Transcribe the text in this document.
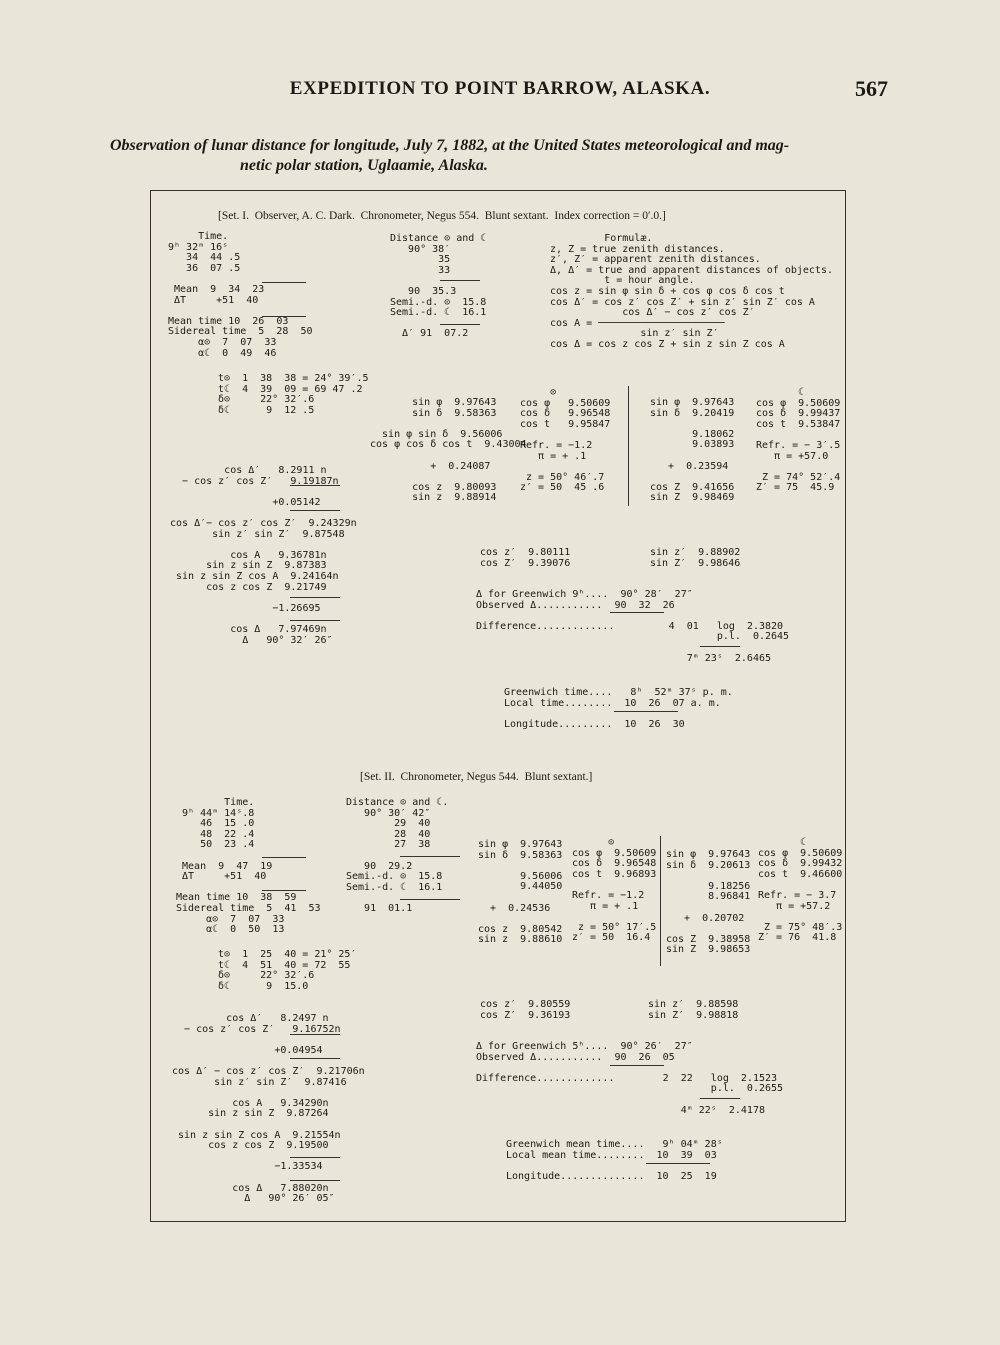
EXPEDITION TO POINT BARROW, ALASKA.	567
Observation of lunar distance for longitude, July 7, 1882, at the United States meteorological and mag-
netic polar station, Uglaamie, Alaska.
[Set. I.  Observer, A. C. Dark.  Chronometer, Negus 554.  Blunt sextant.  Index correction = 0′.0.]
Time.
9ʰ 32ᵐ 16ˢ
34  44 .5
36  07 .5

Mean  9  34  23
ΔT     +51  40

Mean time 10  26  03
Sidereal time  5  28  50
α⊙  7  07  33
α☾  0  49  46
Distance ⊙ and ☾
90° 38′
35
33

90  35.3
Semi.-d. ⊙  15.8
Semi.-d. ☾  16.1

Δ′ 91  07.2
Formulæ.
z, Z = true zenith distances.
z′, Z′ = apparent zenith distances.
Δ, Δ′ = true and apparent distances of objects.
t = hour angle.
cos z = sin φ sin δ + cos φ cos δ cos t
cos Δ′ = cos z′ cos Z′ + sin z′ sin Z′ cos A
cos Δ′ − cos z′ cos Z′
cos A = ─────────────────────
sin z′ sin Z′
cos Δ = cos z cos Z + sin z sin Z cos A
t⊙  1  38  38 = 24° 39′.5
t☾  4  39  09 = 69 47 .2
δ⊙     22° 32′.6
δ☾      9  12 .5
sin φ  9.97643
sin δ  9.58363

sin φ sin δ  9.56006
cos φ cos δ cos t  9.43004

+  0.24087

cos z  9.80093
sin z  9.88914
⊙
cos φ   9.50609
cos δ   9.96548
cos t   9.95847

Refr. = −1.2
π = + .1

z = 50° 46′.7
z′ = 50  45 .6
sin φ  9.97643
sin δ  9.20419

9.18062
9.03893

+  0.23594

cos Z  9.41656
sin Z  9.98469
☾
cos φ  9.50609
cos δ  9.99437
cos t  9.53847

Refr. = − 3′.5
π = +57.0

Z = 74° 52′.4
Z′ = 75  45.9
cos Δ′   8.2911 n
− cos z′ cos Z′   9.19187n

+0.05142

cos Δ′− cos z′ cos Z′  9.24329n
sin z′ sin Z′  9.87548

cos A   9.36781n
sin z sin Z  9.87383
sin z sin Z cos A  9.24164n
cos z cos Z  9.21749

−1.26695

cos Δ   7.97469n
Δ   90° 32′ 26″
cos z′  9.80111
cos Z′  9.39076
sin z′  9.88902
sin Z′  9.98646
Δ for Greenwich 9ʰ....  90° 28′  27″
Observed Δ...........  90  32  26

Difference.............         4  01   log  2.3820
p.l.  0.2645

7ᵐ 23ˢ  2.6465
Greenwich time....   8ʰ  52ᵐ 37ˢ p. m.
Local time........  10  26  07 a. m.

Longitude.........  10  26  30
[Set. II.  Chronometer, Negus 544.  Blunt sextant.]
Time.
9ʰ 44ᵐ 14ˢ.8
46  15 .0
48  22 .4
50  23 .4

Mean  9  47  19
ΔT     +51  40

Mean time 10  38  59
Sidereal time  5  41  53
α⊙  7  07  33
α☾  0  50  13
Distance ⊙ and ☾.
90° 30′ 42″
29  40
28  40
27  38

90  29.2
Semi.-d. ⊙  15.8
Semi.-d. ☾  16.1

91  01.1
sin φ  9.97643
sin δ  9.58363

9.56006
9.44050

+  0.24536

cos z  9.80542
sin z  9.88610
⊙
cos φ  9.50609
cos δ  9.96548
cos t  9.96893

Refr. = −1.2
π = + .1

z = 50° 17′.5
z′ = 50  16.4
sin φ  9.97643
sin δ  9.20613

9.18256
8.96841

+  0.20702

cos Z  9.38958
sin Z  9.98653
☾
cos φ  9.50609
cos δ  9.99432
cos t  9.46600

Refr. = − 3.7
π = +57.2

Z = 75° 48′.3
Z′ = 76  41.8
t⊙  1  25  40 = 21° 25′
t☾  4  51  40 = 72  55
δ⊙     22° 32′.6
δ☾      9  15.0
cos Δ′   8.2497 n
− cos z′ cos Z′   9.16752n

+0.04954

cos Δ′ − cos z′ cos Z′  9.21706n
sin z′ sin Z′  9.87416

cos A   9.34290n
sin z sin Z  9.87264

sin z sin Z cos A  9.21554n
cos z cos Z  9.19500

−1.33534

cos Δ   7.88020n
Δ   90° 26′ 05″
cos z′  9.80559
cos Z′  9.36193
sin z′  9.88598
sin Z′  9.98818
Δ for Greenwich 5ʰ....  90° 26′  27″
Observed Δ...........  90  26  05

Difference.............        2  22   log  2.1523
p.l.  0.2655

4ᵐ 22ˢ  2.4178
Greenwich mean time....   9ʰ 04ᵐ 28ˢ
Local mean time........  10  39  03

Longitude..............  10  25  19
